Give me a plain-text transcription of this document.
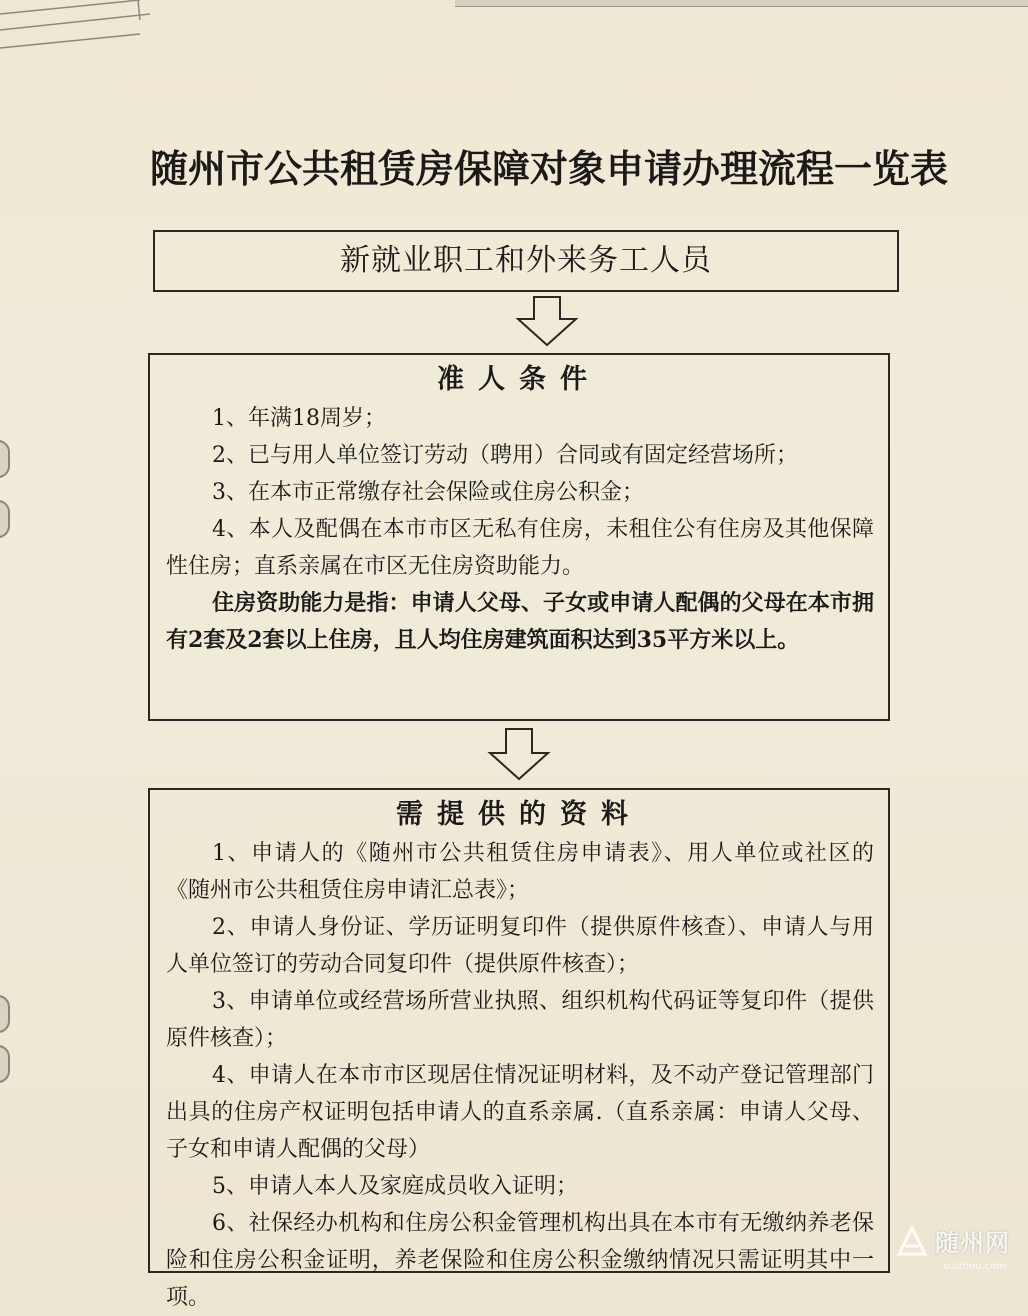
随州市公共租赁房保障对象申请办理流程一览表
新就业职工和外来务工人员
准人条件

1、年满18周岁；

2、已与用人单位签订劳动（聘用）合同或有固定经营场所；

3、在本市正常缴存社会保险或住房公积金；

4、本人及配偶在本市市区无私有住房，未租住公有住房及其他保障性住房；直系亲属在市区无住房资助能力。

住房资助能力是指：申请人父母、子女或申请人配偶的父母在本市拥有2套及2套以上住房，且人均住房建筑面积达到35平方米以上。

需提供的资料

1、申请人的《随州市公共租赁住房申请表》、用人单位或社区的《随州市公共租赁住房申请汇总表》；

2、申请人身份证、学历证明复印件（提供原件核查）、申请人与用人单位签订的劳动合同复印件（提供原件核查）；

3、申请单位或经营场所营业执照、组织机构代码证等复印件（提供原件核查）；

4、申请人在本市市区现居住情况证明材料，及不动产登记管理部门出具的住房产权证明包括申请人的直系亲属.（直系亲属：申请人父母、子女和申请人配偶的父母）

5、申请人本人及家庭成员收入证明；

6、社保经办机构和住房公积金管理机构出具在本市有无缴纳养老保险和住房公积金证明，养老保险和住房公积金缴纳情况只需证明其中一项。

随州网
suizhou.com
